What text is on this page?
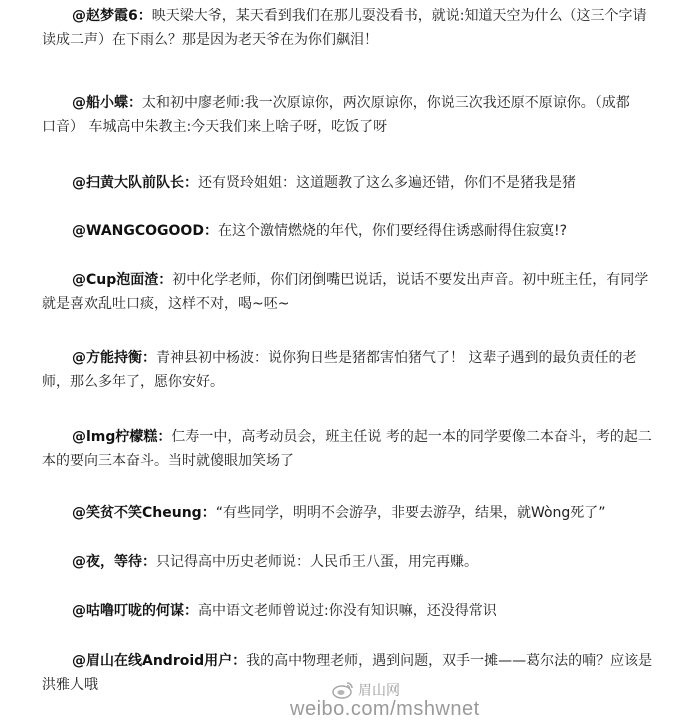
@赵梦霞6：映天梁大爷，某天看到我们在那儿耍没看书，就说:知道天空为什么（这三个字请
读成二声）在下雨么？那是因为老天爷在为你们飙泪！

@船小蝶：太和初中廖老师:我一次原谅你，两次原谅你，你说三次我还原不原谅你。（成都
口音） 车城高中朱教主:今天我们来上啥子呀，吃饭了呀

@扫黄大队前队长：还有贤玲姐姐：这道题教了这么多遍还错，你们不是猪我是猪

@WANGCOGOOD：在这个激情燃烧的年代，你们要经得住诱惑耐得住寂寞!?

@Cup泡面渣：初中化学老师，你们闭倒嘴巴说话，说话不要发出声音。初中班主任，有同学
就是喜欢乱吐口痰，这样不对，喝~呸~

@方能持衡：青神县初中杨波：说你狗日些是猪都害怕猪气了！ 这辈子遇到的最负责任的老
师，那么多年了，愿你安好。

@lmg柠檬糕：仁寿一中，高考动员会，班主任说 考的起一本的同学要像二本奋斗，考的起二
本的要向三本奋斗。当时就傻眼加笑场了

@笑贫不笑Cheung：“有些同学，明明不会游孕，非要去游孕，结果，就Wòng死了”

@夜，等待：只记得高中历史老师说：人民币王八蛋，用完再赚。

@咕噜叮咙的何谋：高中语文老师曾说过:你没有知识嘛，还没得常识

@眉山在线Android用户：我的高中物理老师，遇到问题，双手一摊——葛尔法的喃？应该是
洪雅人哦	眉山网
weibo.com/mshwnet
